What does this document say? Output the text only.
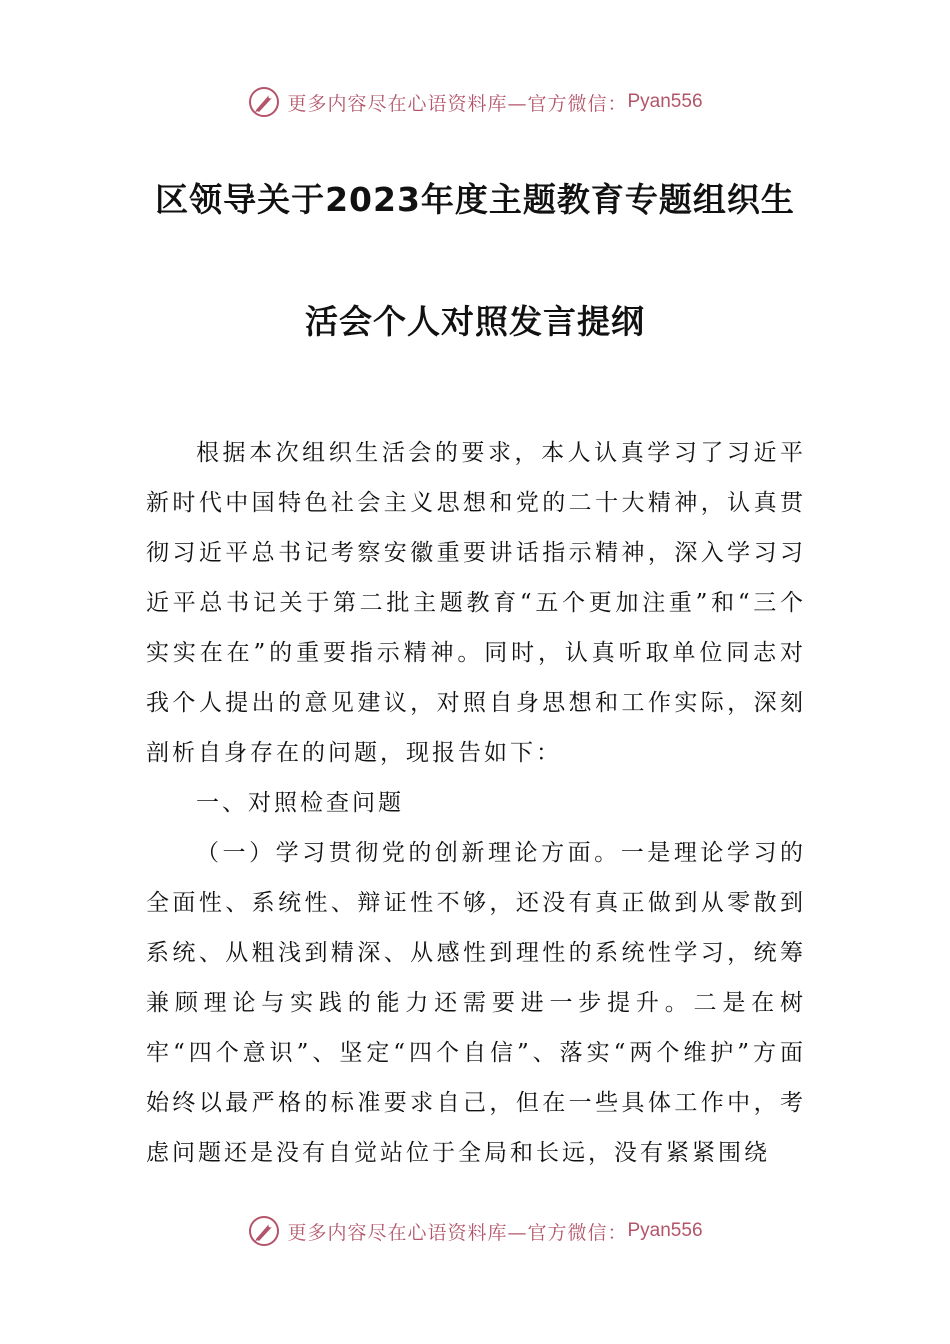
更多内容尽在心语资料库—官方微信： Pyan556
区领导关于2023年度主题教育专题组织生
活会个人对照发言提纲

根据本次组织生活会的要求，本人认真学习了习近平新时代中国特色社会主义思想和党的二十大精神，认真贯彻习近平总书记考察安徽重要讲话指示精神，深入学习习近平总书记关于第二批主题教育“五个更加注重”和“三个实实在在”的重要指示精神。同时，认真听取单位同志对我个人提出的意见建议，对照自身思想和工作实际，深刻剖析自身存在的问题，现报告如下：

一、对照检查问题

（一）学习贯彻党的创新理论方面。一是理论学习的全面性、系统性、辩证性不够，还没有真正做到从零散到系统、从粗浅到精深、从感性到理性的系统性学习，统筹兼顾理论与实践的能力还需要进一步提升。二是在树牢“四个意识”、坚定“四个自信”、落实“两个维护”方面始终以最严格的标准要求自己，但在一些具体工作中，考虑问题还是没有自觉站位于全局和长远，没有紧紧围绕

更多内容尽在心语资料库—官方微信： Pyan556
